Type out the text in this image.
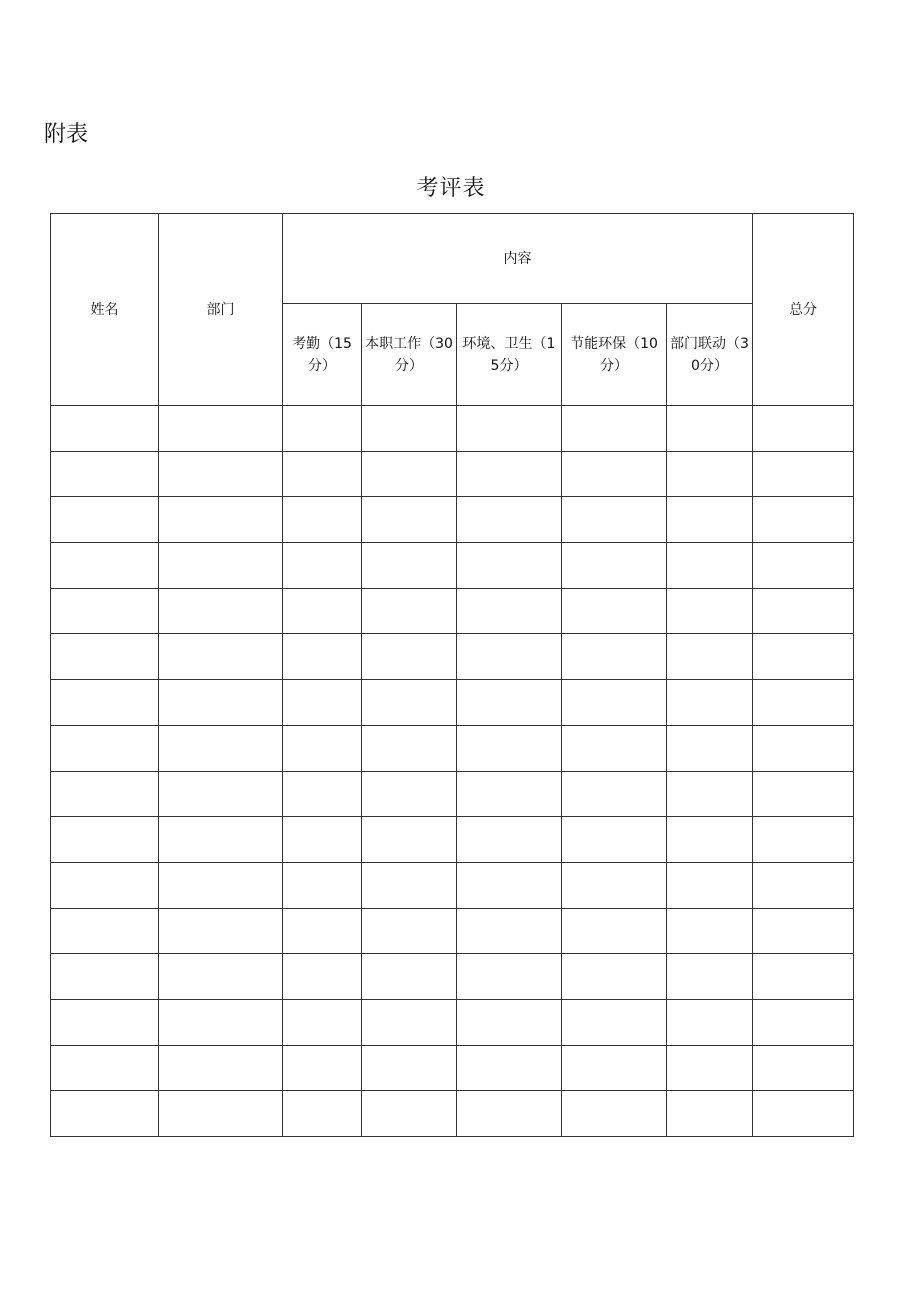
附表
考评表
姓名	部门	内容					总分

		考勤（15分）	本职工作（30分）	环境、卫生（15分）	节能环保（10分）	部门联动（30分）	
